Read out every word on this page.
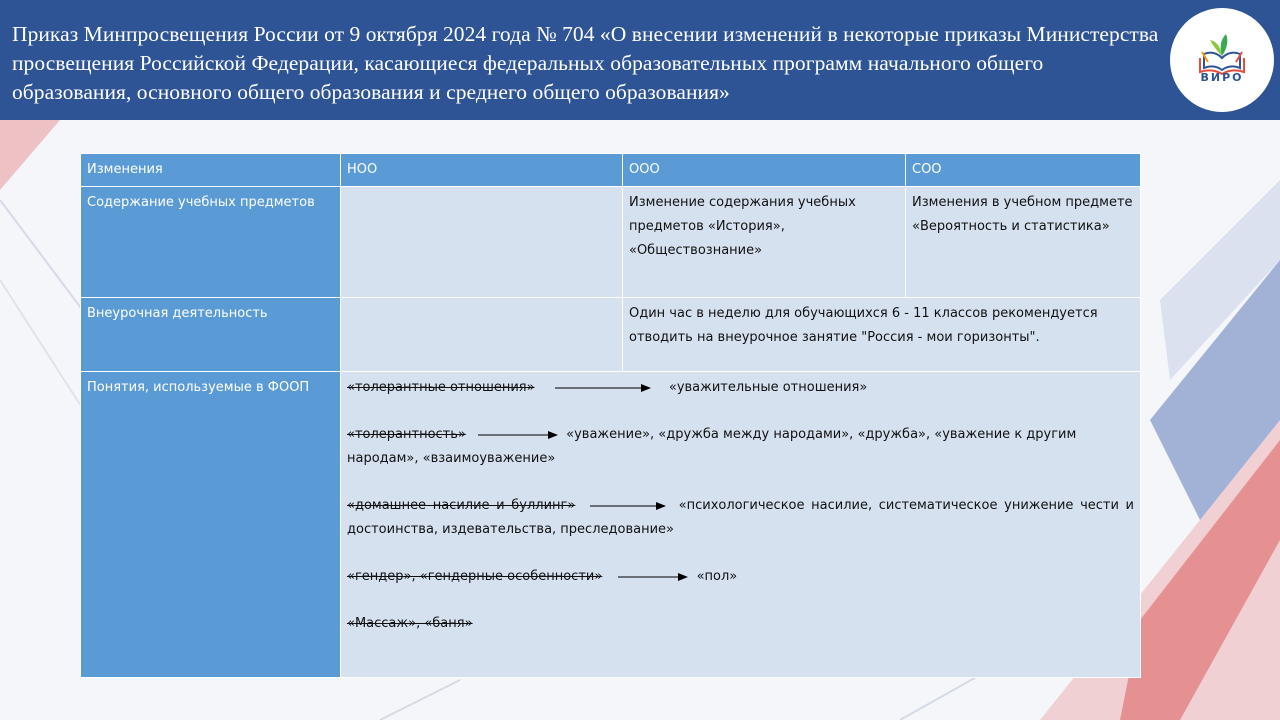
Приказ Минпросвещения России от 9 октября 2024 года № 704 «О внесении изменений в некоторые приказы Министерства просвещения Российской Федерации, касающиеся федеральных образовательных программ начального общего образования, основного общего образования и среднего общего образования»
ВИРО
Изменения	НОО	ООО	СОО
Содержание учебных предметов		Изменение содержания учебных предметов «История», «Обществознание»	Изменения в учебном предмете «Вероятность и статистика»
Внеурочная деятельность		Один час в неделю для обучающихся 6 - 11 классов рекомендуется отводить на внеурочное занятие "Россия - мои горизонты".	
Понятия, используемые в ФООП	«толерантные отношения» «уважительные отношения»
«толерантность» «уважение», «дружба между народами», «дружба», «уважение к другим народам», «взаимоуважение»
«домашнее насилие и буллинг» «психологическое насилие, систематическое унижение чести и достоинства, издевательства, преследование»
«гендер», «гендерные особенности» «пол»
«Массаж», «баня»		
